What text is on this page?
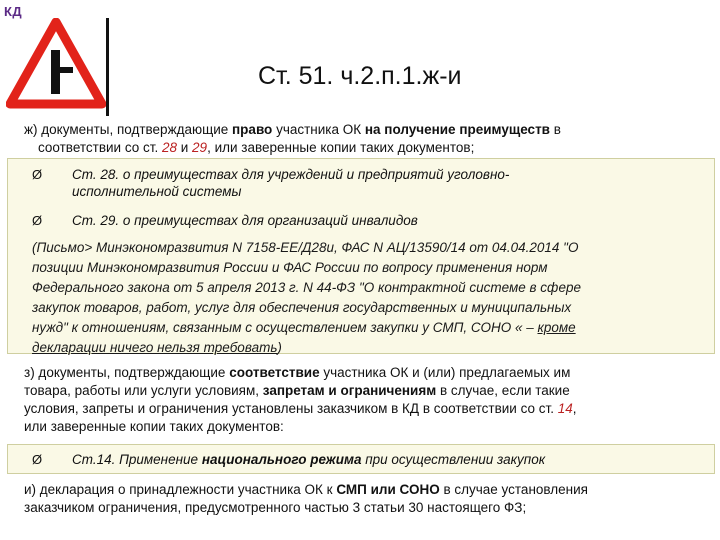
КД
Ст. 51. ч.2.п.1.ж-и
ж) документы, подтверждающие право участника ОК на получение преимуществ в
соответствии со ст. 28 и 29, или заверенные копии таких документов;
Ø Ст. 28. о преимуществах для учреждений и предприятий уголовно-
исполнительной системы
Ø	Ст. 29. о преимуществах для организаций инвалидов
(Письмо> Минэкономразвития N 7158-ЕЕ/Д28и, ФАС N АЦ/13590/14 от 04.04.2014 "О
позиции Минэкономразвития России и ФАС России по вопросу применения норм
Федерального закона от 5 апреля 2013 г. N 44-ФЗ "О контрактной системе в сфере
закупок товаров, работ, услуг для обеспечения государственных и муниципальных
нужд" к отношениям, связанным с осуществлением закупки у СМП, СОНО « – кроме
декларации ничего нельзя требовать)
з) документы, подтверждающие соответствие участника ОК и (или) предлагаемых им
товара, работы или услуги условиям, запретам и ограничениям в случае, если такие
условия, запреты и ограничения установлены заказчиком в КД в соответствии со ст. 14,
или заверенные копии таких документов:
Ø	Ст.14. Применение национального режима при осуществлении закупок
и) декларация о принадлежности участника ОК к СМП или СОНО в случае установления
заказчиком ограничения, предусмотренного частью 3 статьи 30 настоящего ФЗ;
